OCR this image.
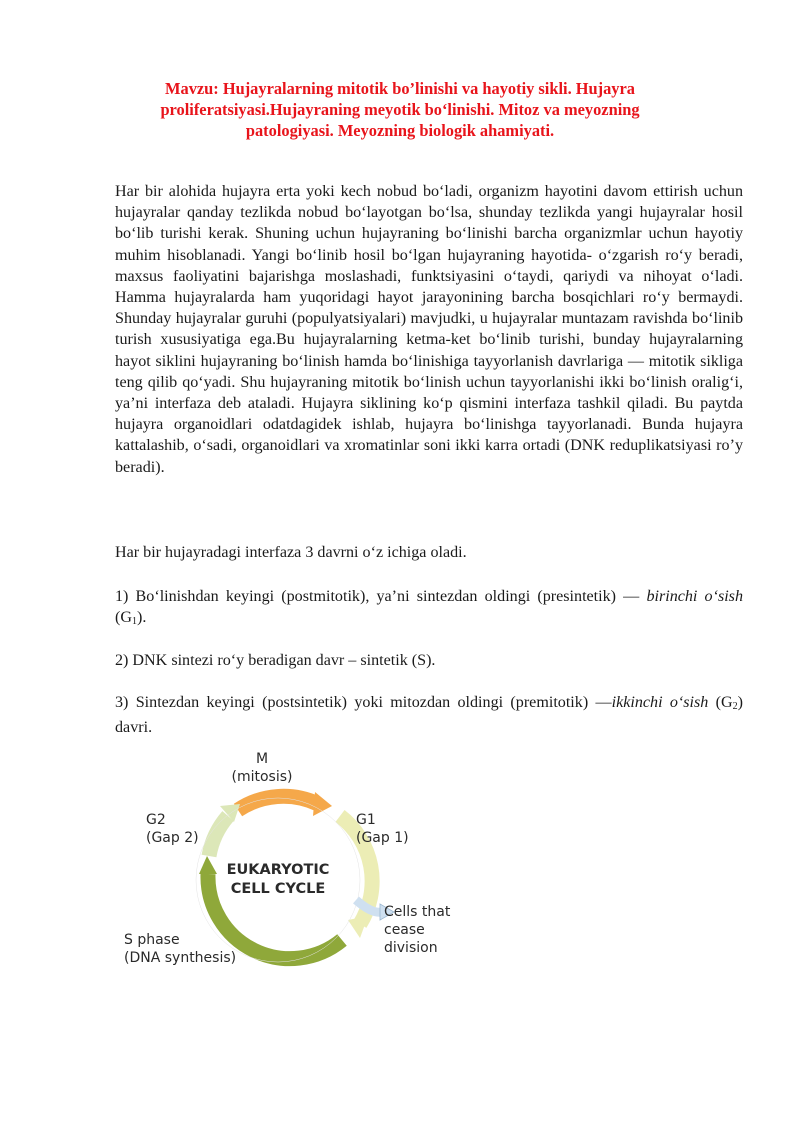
Mavzu: Hujayralarning mitotik bo’linishi va hayotiy sikli. Hujayra proliferatsiyasi.Hujayraning meyotik bo‘linishi. Mitoz va meyozning patologiyasi. Meyozning biologik ahamiyati.
Har bir alohida hujayra erta yoki kech nobud bo‘ladi, organizm hayotini davom ettirish uchun hujayralar qanday tezlikda nobud bo‘layotgan bo‘lsa, shunday tezlikda yangi hujayralar hosil bo‘lib turishi kerak. Shuning uchun hujayraning bo‘linishi barcha organizmlar uchun hayotiy muhim hisoblanadi. Yangi bo‘linib hosil bo‘lgan hujayraning hayotida- o‘zgarish ro‘y beradi, maxsus faoliyatini bajarishga moslashadi, funktsiyasini o‘taydi, qariydi va nihoyat o‘ladi. Hamma hujayralarda ham yuqoridagi hayot jarayonining barcha bosqichlari ro‘y bermaydi. Shunday hujayralar guruhi (populyatsiyalari) mavjudki, u hujayralar muntazam ravishda bo‘linib turish xususiyatiga ega.Bu hujayralarning ketma-ket bo‘linib turishi, bunday hujayralarning hayot siklini hujayraning bo‘linish hamda bo‘linishiga tayyorlanish davrlariga — mitotik sikliga teng qilib qo‘yadi. Shu hujayraning mitotik bo‘linish uchun tayyorlanishi ikki bo‘linish oralig‘i, ya’ni interfaza deb ataladi. Hujayra siklining ko‘p qismini interfaza tashkil qiladi. Bu paytda hujayra organoidlari odatdagidek ishlab, hujayra bo‘linishga tayyorlanadi. Bunda hujayra kattalashib, o‘sadi, organoidlari va xromatinlar soni ikki karra ortadi (DNK reduplikatsiyasi ro’y beradi).
Har bir hujayradagi interfaza 3 davrni o‘z ichiga oladi.
1) Bo‘linishdan keyingi (postmitotik), ya’ni sintezdan oldingi (presintetik) — birinchi o‘sish $(G_1)$.
2) DNK sintezi ro‘y beradigan davr – sintetik (S).
3) Sintezdan keyingi (postsintetik) yoki mitozdan oldingi (premitotik) —ikkinchi o‘sish $(G_2)$ davri.
EUKARYOTIC
CELL CYCLE
M
(mitosis)
G1
(Gap 1)
G2
(Gap 2)
S phase
(DNA synthesis)
Cells that
cease
division
